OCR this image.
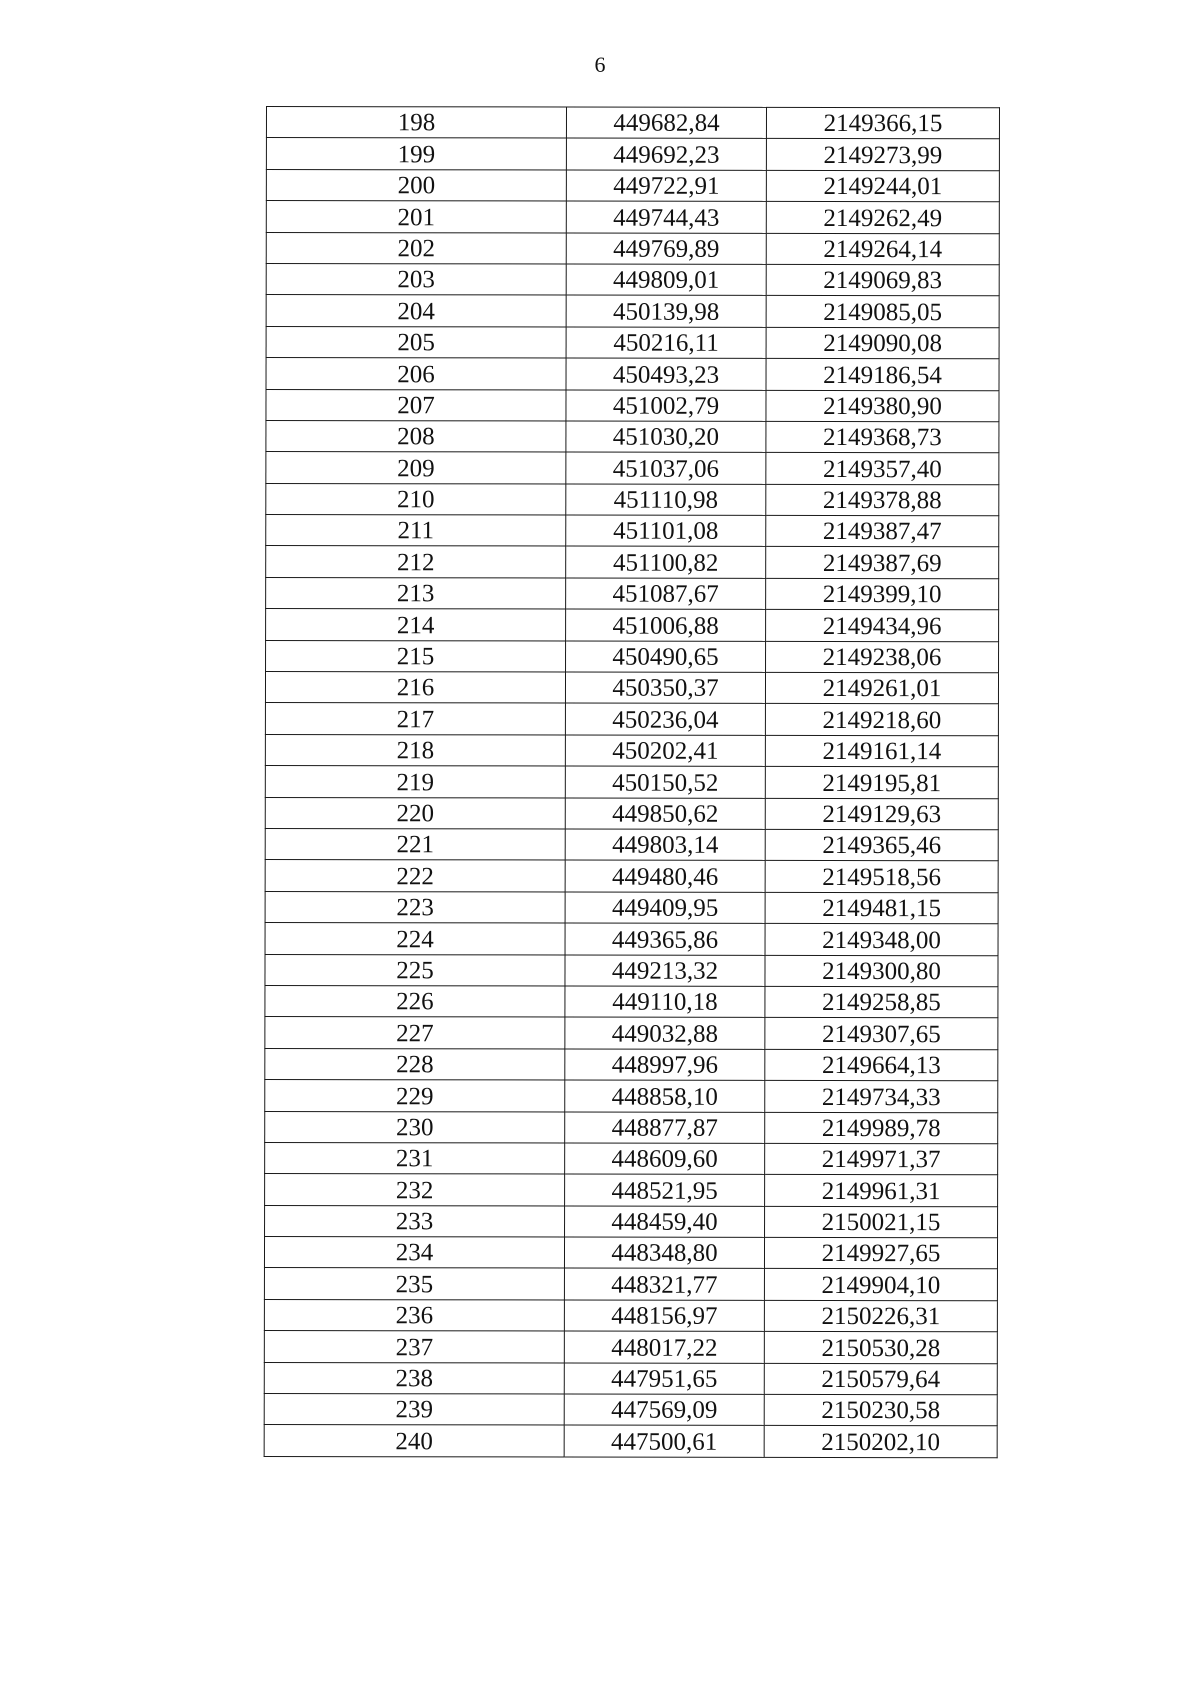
6
198	449682,84	2149366,15
199	449692,23	2149273,99
200	449722,91	2149244,01
201	449744,43	2149262,49
202	449769,89	2149264,14
203	449809,01	2149069,83
204	450139,98	2149085,05
205	450216,11	2149090,08
206	450493,23	2149186,54
207	451002,79	2149380,90
208	451030,20	2149368,73
209	451037,06	2149357,40
210	451110,98	2149378,88
211	451101,08	2149387,47
212	451100,82	2149387,69
213	451087,67	2149399,10
214	451006,88	2149434,96
215	450490,65	2149238,06
216	450350,37	2149261,01
217	450236,04	2149218,60
218	450202,41	2149161,14
219	450150,52	2149195,81
220	449850,62	2149129,63
221	449803,14	2149365,46
222	449480,46	2149518,56
223	449409,95	2149481,15
224	449365,86	2149348,00
225	449213,32	2149300,80
226	449110,18	2149258,85
227	449032,88	2149307,65
228	448997,96	2149664,13
229	448858,10	2149734,33
230	448877,87	2149989,78
231	448609,60	2149971,37
232	448521,95	2149961,31
233	448459,40	2150021,15
234	448348,80	2149927,65
235	448321,77	2149904,10
236	448156,97	2150226,31
237	448017,22	2150530,28
238	447951,65	2150579,64
239	447569,09	2150230,58
240	447500,61	2150202,10
